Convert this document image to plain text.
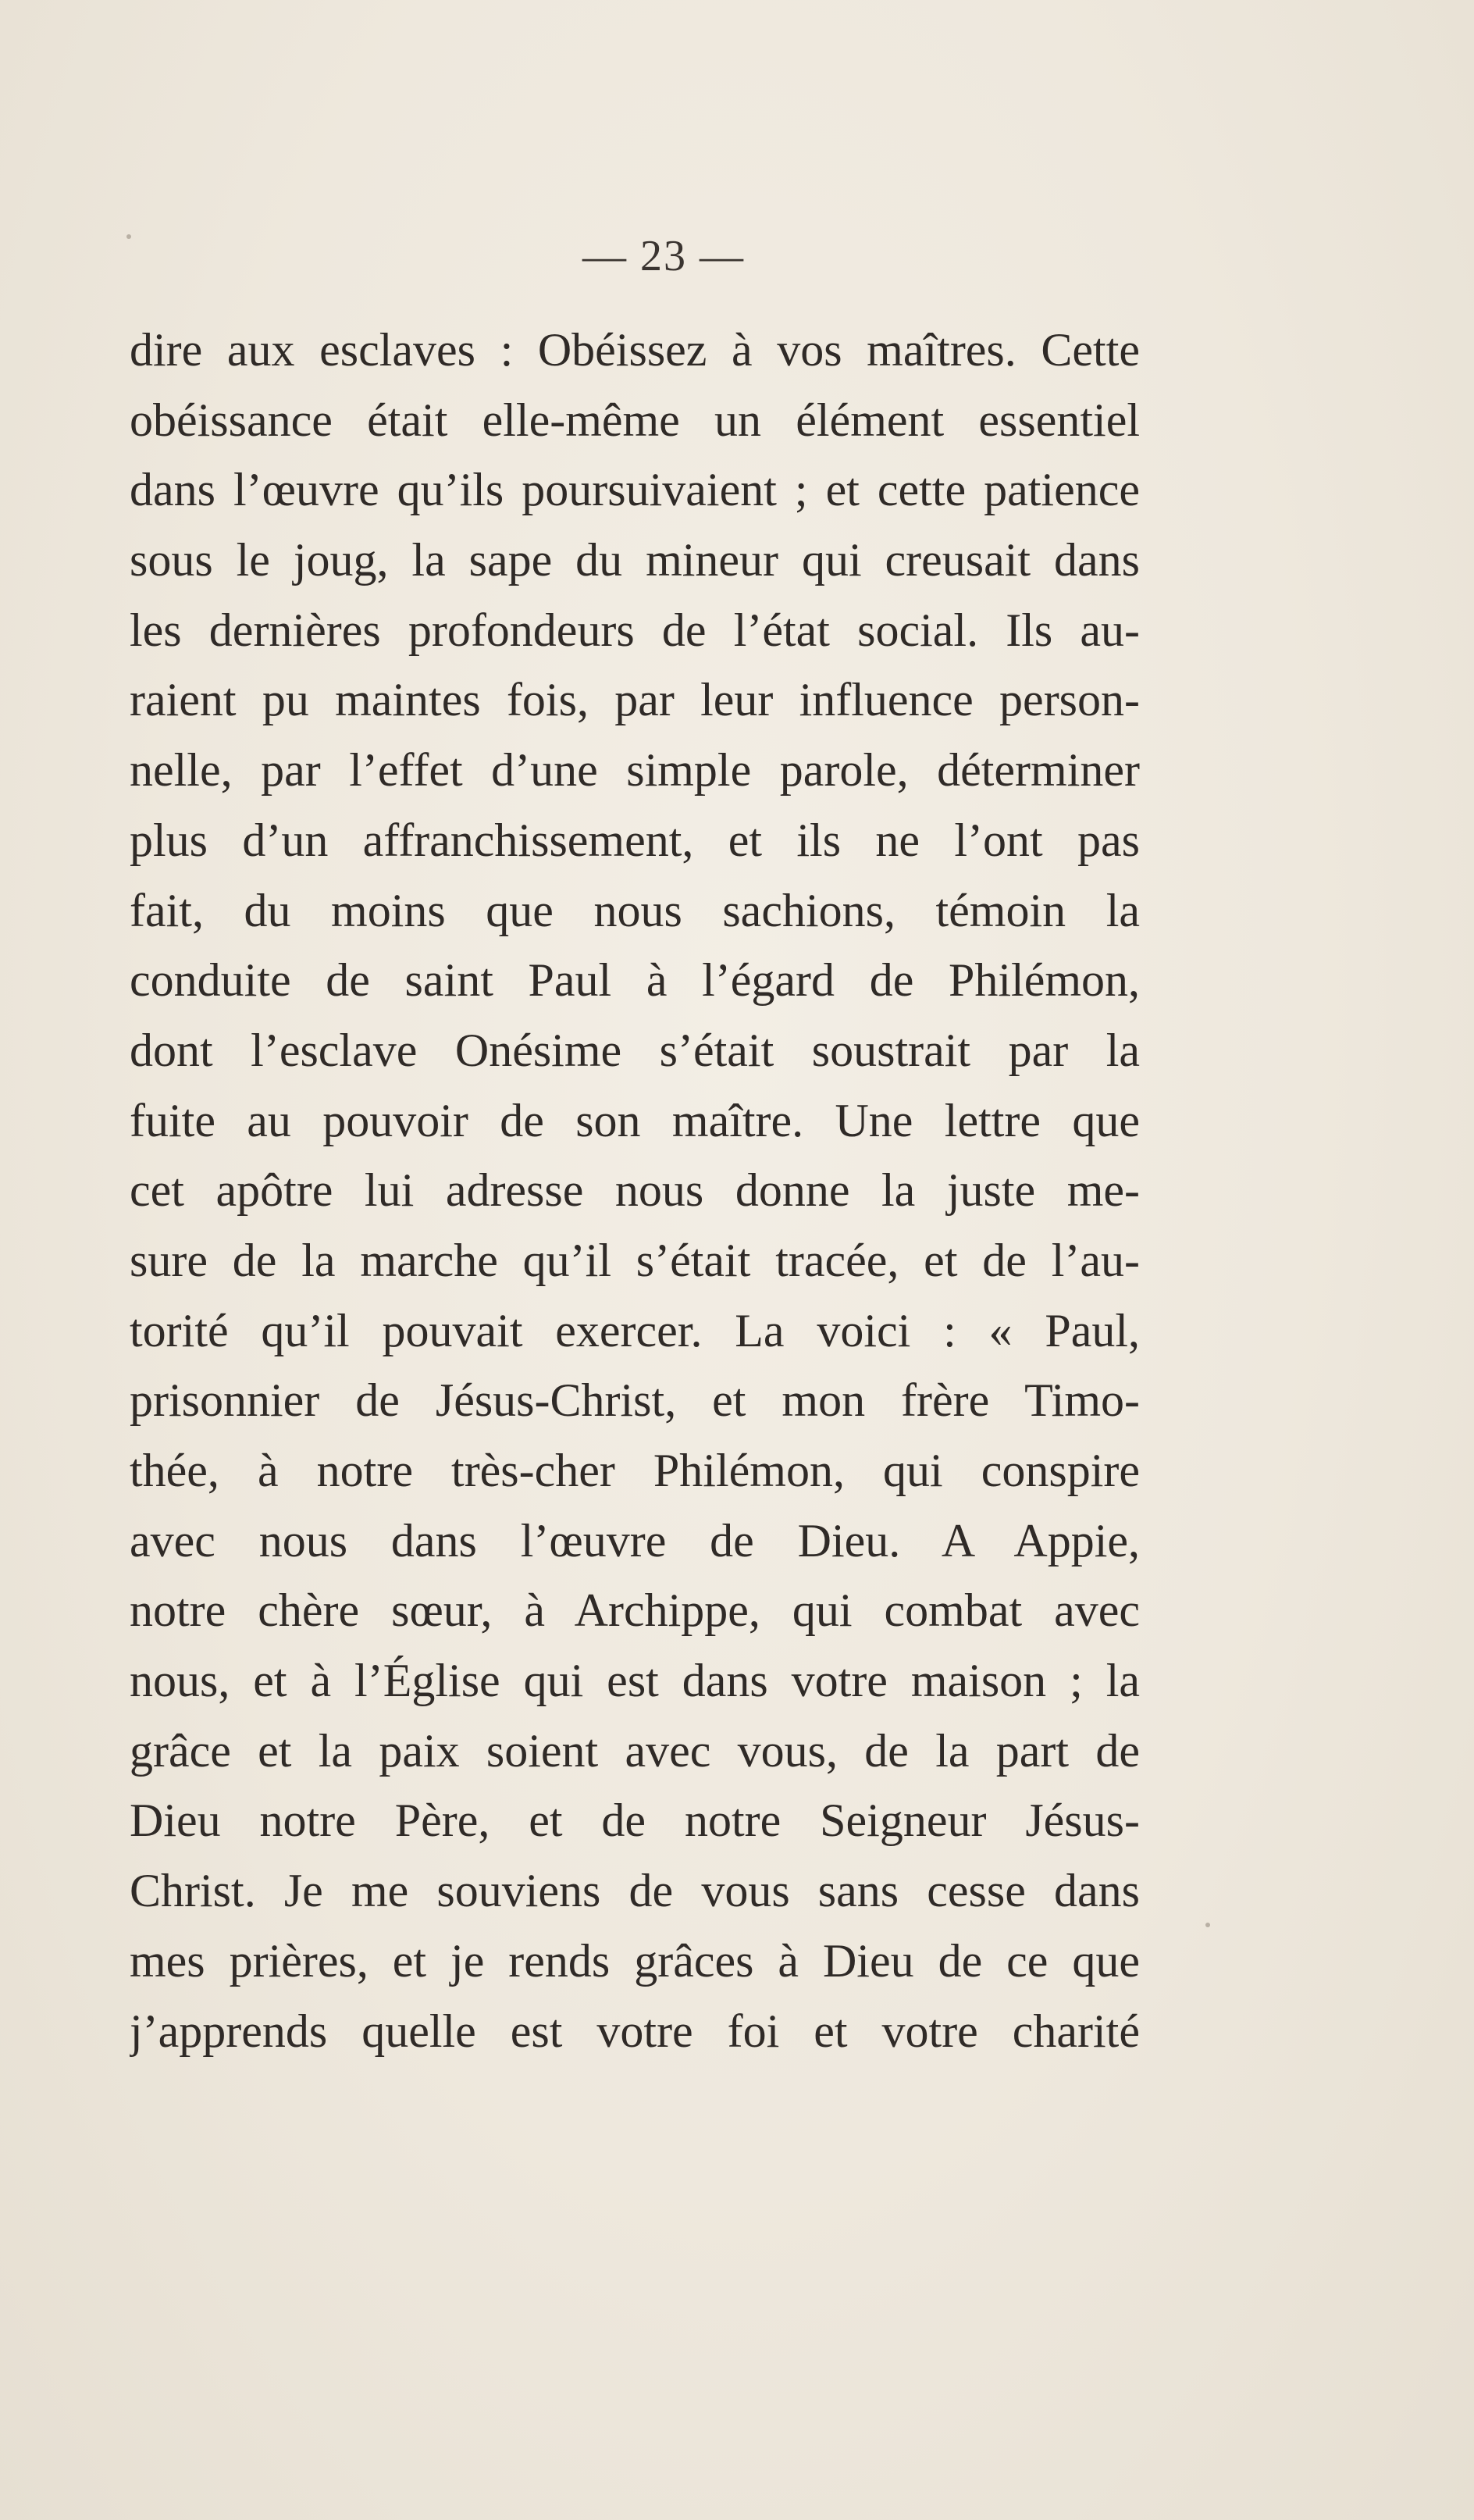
— 23 —
dire aux esclaves : Obéissez à vos maîtres. Cette
obéissance était elle-même un élément essentiel
dans l’œuvre qu’ils poursuivaient ; et cette patience
sous le joug, la sape du mineur qui creusait dans
les dernières profondeurs de l’état social. Ils au-
raient pu maintes fois, par leur influence person-
nelle, par l’effet d’une simple parole, déterminer
plus d’un affranchissement, et ils ne l’ont pas
fait, du moins que nous sachions, témoin la
conduite de saint Paul à l’égard de Philémon,
dont l’esclave Onésime s’était soustrait par la
fuite au pouvoir de son maître. Une lettre que
cet apôtre lui adresse nous donne la juste me-
sure de la marche qu’il s’était tracée, et de l’au-
torité qu’il pouvait exercer. La voici : « Paul,
prisonnier de Jésus-Christ, et mon frère Timo-
thée, à notre très-cher Philémon, qui conspire
avec nous dans l’œuvre de Dieu. A Appie,
notre chère sœur, à Archippe, qui combat avec
nous, et à l’Église qui est dans votre maison ; la
grâce et la paix soient avec vous, de la part de
Dieu notre Père, et de notre Seigneur Jésus-
Christ. Je me souviens de vous sans cesse dans
mes prières, et je rends grâces à Dieu de ce que
j’apprends quelle est votre foi et votre charité
